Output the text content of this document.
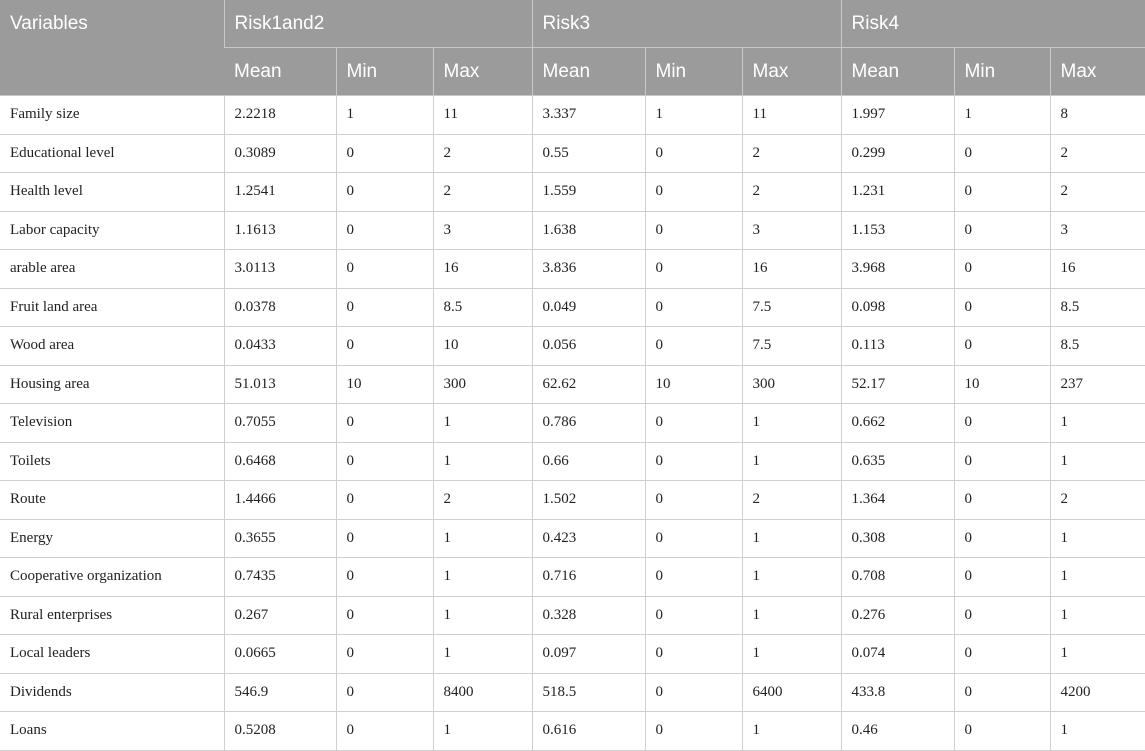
Variables	Risk1and2			Risk3			Risk4		
	Mean	Min	Max	Mean	Min	Max	Mean	Min	Max
Family size	2.2218	1	11	3.337	1	11	1.997	1	8
Educational level	0.3089	0	2	0.55	0	2	0.299	0	2
Health level	1.2541	0	2	1.559	0	2	1.231	0	2
Labor capacity	1.1613	0	3	1.638	0	3	1.153	0	3
arable area	3.0113	0	16	3.836	0	16	3.968	0	16
Fruit land area	0.0378	0	8.5	0.049	0	7.5	0.098	0	8.5
Wood area	0.0433	0	10	0.056	0	7.5	0.113	0	8.5
Housing area	51.013	10	300	62.62	10	300	52.17	10	237
Television	0.7055	0	1	0.786	0	1	0.662	0	1
Toilets	0.6468	0	1	0.66	0	1	0.635	0	1
Route	1.4466	0	2	1.502	0	2	1.364	0	2
Energy	0.3655	0	1	0.423	0	1	0.308	0	1
Cooperative organization	0.7435	0	1	0.716	0	1	0.708	0	1
Rural enterprises	0.267	0	1	0.328	0	1	0.276	0	1
Local leaders	0.0665	0	1	0.097	0	1	0.074	0	1
Dividends	546.9	0	8400	518.5	0	6400	433.8	0	4200
Loans	0.5208	0	1	0.616	0	1	0.46	0	1
